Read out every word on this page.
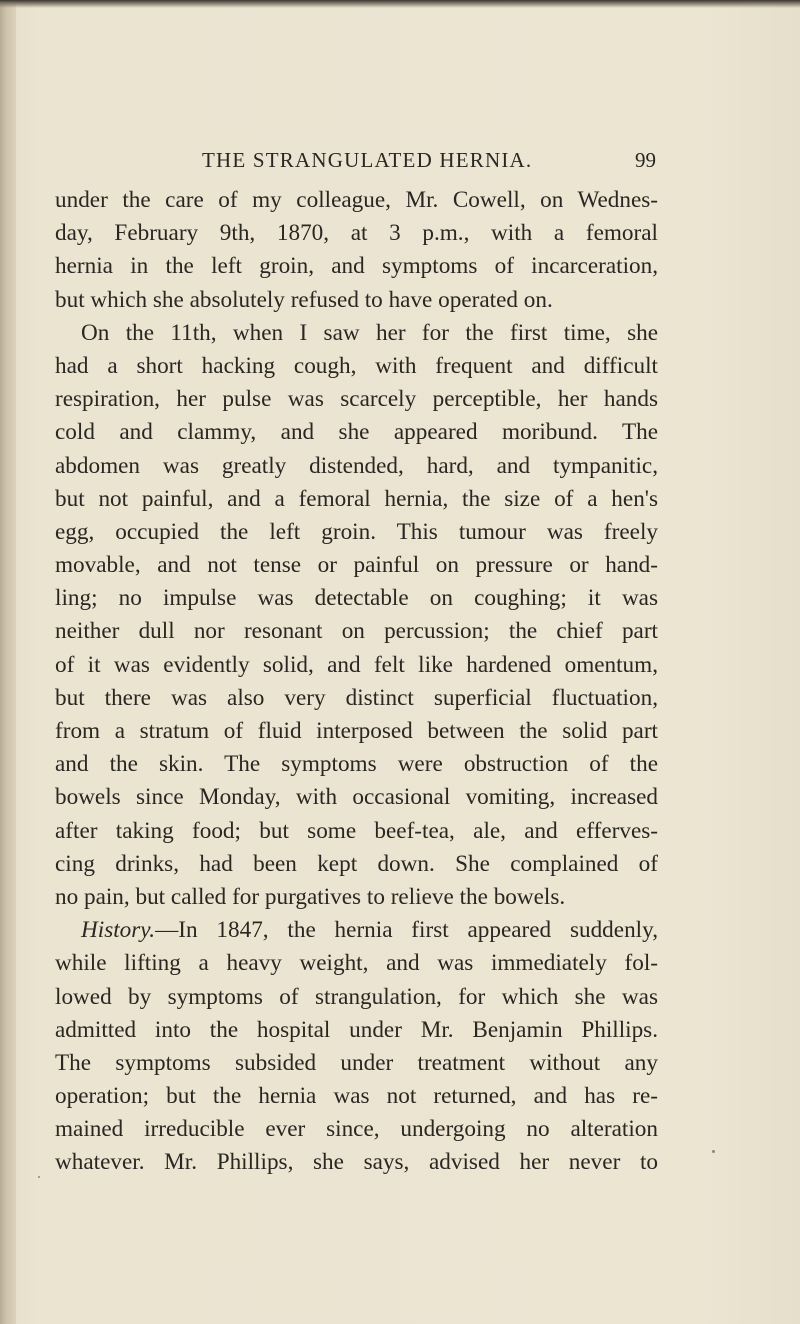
THE STRANGULATED HERNIA.	99
under the care of my colleague, Mr. Cowell, on Wednes-
day, February 9th, 1870, at 3 p.m., with a femoral
hernia in the left groin, and symptoms of incarceration,
but which she absolutely refused to have operated on.
On the 11th, when I saw her for the first time, she
had a short hacking cough, with frequent and difficult
respiration, her pulse was scarcely perceptible, her hands
cold and clammy, and she appeared moribund. The
abdomen was greatly distended, hard, and tympanitic,
but not painful, and a femoral hernia, the size of a hen's
egg, occupied the left groin. This tumour was freely
movable, and not tense or painful on pressure or hand-
ling; no impulse was detectable on coughing; it was
neither dull nor resonant on percussion; the chief part
of it was evidently solid, and felt like hardened omentum,
but there was also very distinct superficial fluctuation,
from a stratum of fluid interposed between the solid part
and the skin. The symptoms were obstruction of the
bowels since Monday, with occasional vomiting, increased
after taking food; but some beef-tea, ale, and efferves-
cing drinks, had been kept down. She complained of
no pain, but called for purgatives to relieve the bowels.
History.—In 1847, the hernia first appeared suddenly,
while lifting a heavy weight, and was immediately fol-
lowed by symptoms of strangulation, for which she was
admitted into the hospital under Mr. Benjamin Phillips.
The symptoms subsided under treatment without any
operation; but the hernia was not returned, and has re-
mained irreducible ever since, undergoing no alteration
whatever. Mr. Phillips, she says, advised her never to
